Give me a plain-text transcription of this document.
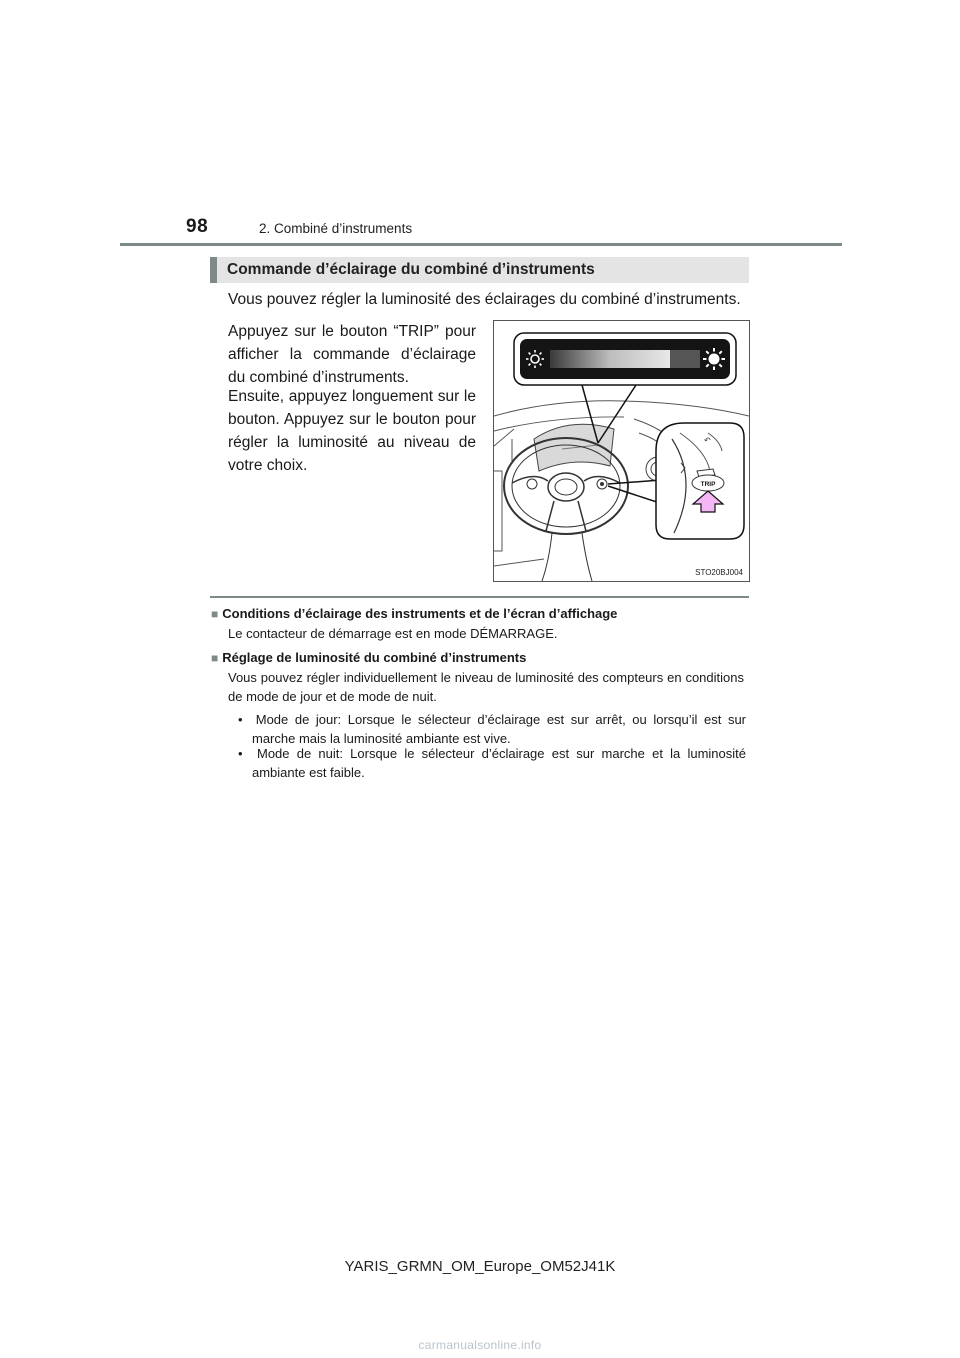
98	2. Combiné d’instruments
Commande d’éclairage du combiné d’instruments
Vous pouvez régler la luminosité des éclairages du combiné d’instruments.
Appuyez sur le bouton “TRIP” pour afficher la commande d’éclairage du combiné d’instruments.
Ensuite, appuyez longuement sur le bouton. Appuyez sur le bouton pour régler la luminosité au niveau de votre choix.
↶
TRIP
STO20BJ004
■ Conditions d’éclairage des instruments et de l’écran d’affichage
Le contacteur de démarrage est en mode DÉMARRAGE.
■ Réglage de luminosité du combiné d’instruments
Vous pouvez régler individuellement le niveau de luminosité des compteurs en conditions de mode de jour et de mode de nuit.
•  Mode de jour: Lorsque le sélecteur d’éclairage est sur arrêt, ou lorsqu’il est sur marche mais la luminosité ambiante est vive.
•  Mode de nuit: Lorsque le sélecteur d’éclairage est sur marche et la luminosité ambiante est faible.
YARIS_GRMN_OM_Europe_OM52J41K
carmanualsonline.info
